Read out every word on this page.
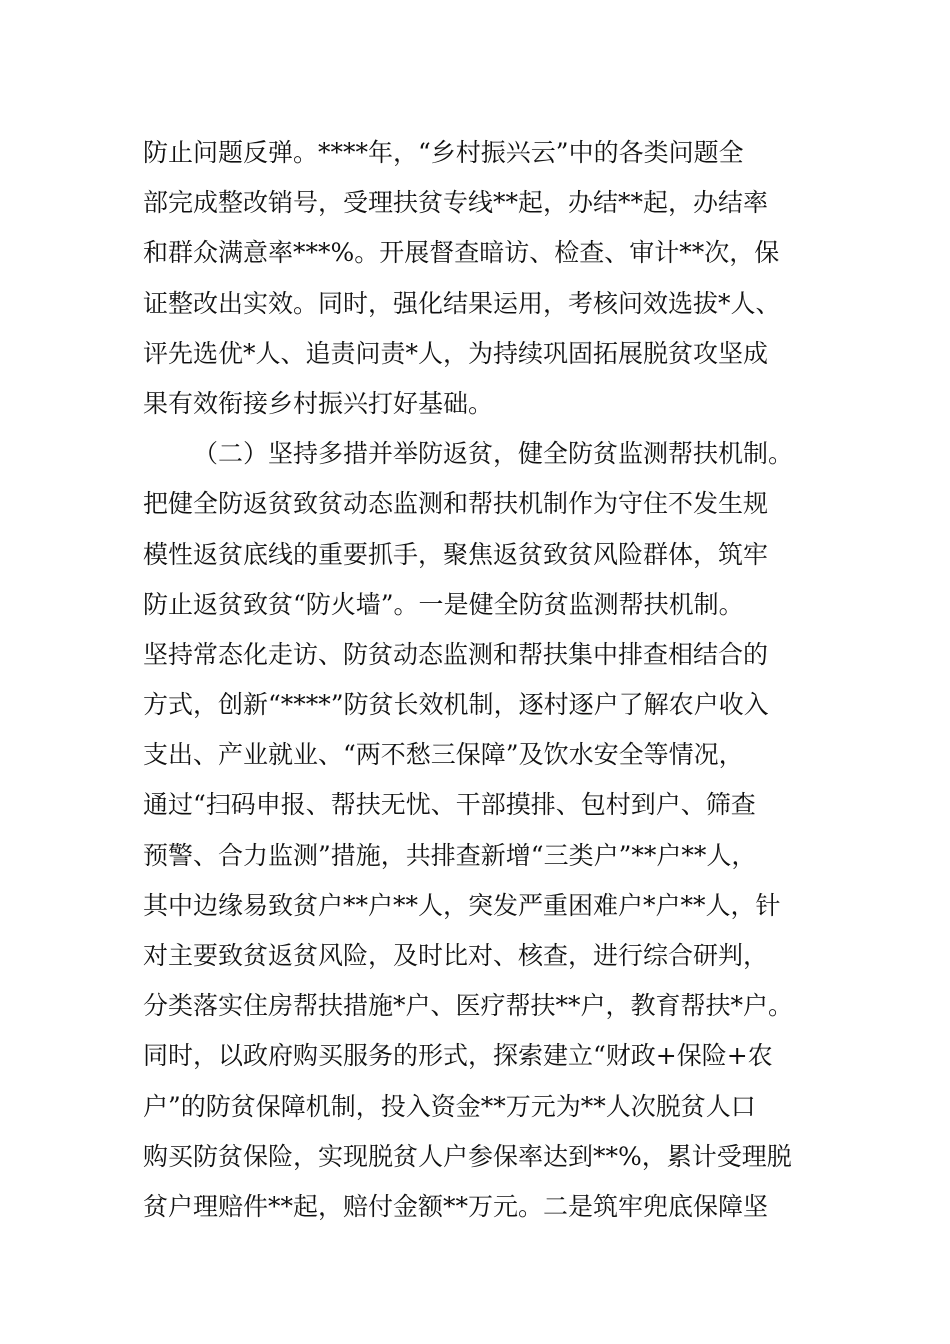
防止问题反弹。****年，“乡村振兴云”中的各类问题全
部完成整改销号，受理扶贫专线**起，办结**起，办结率
和群众满意率***%。开展督查暗访、检查、审计**次，保
证整改出实效。同时，强化结果运用，考核问效选拔*人、
评先选优*人、追责问责*人，为持续巩固拓展脱贫攻坚成
果有效衔接乡村振兴打好基础。
（二）坚持多措并举防返贫，健全防贫监测帮扶机制。
把健全防返贫致贫动态监测和帮扶机制作为守住不发生规
模性返贫底线的重要抓手，聚焦返贫致贫风险群体，筑牢
防止返贫致贫“防火墙”。一是健全防贫监测帮扶机制。
坚持常态化走访、防贫动态监测和帮扶集中排查相结合的
方式，创新“****”防贫长效机制，逐村逐户了解农户收入
支出、产业就业、“两不愁三保障”及饮水安全等情况，
通过“扫码申报、帮扶无忧、干部摸排、包村到户、筛查
预警、合力监测”措施，共排查新增“三类户”**户**人，
其中边缘易致贫户**户**人，突发严重困难户*户**人，针
对主要致贫返贫风险，及时比对、核查，进行综合研判，
分类落实住房帮扶措施*户、医疗帮扶**户，教育帮扶*户。
同时，以政府购买服务的形式，探索建立“财政+保险+农
户”的防贫保障机制，投入资金**万元为**人次脱贫人口
购买防贫保险，实现脱贫人户参保率达到**%，累计受理脱
贫户理赔件**起，赔付金额**万元。二是筑牢兜底保障坚
